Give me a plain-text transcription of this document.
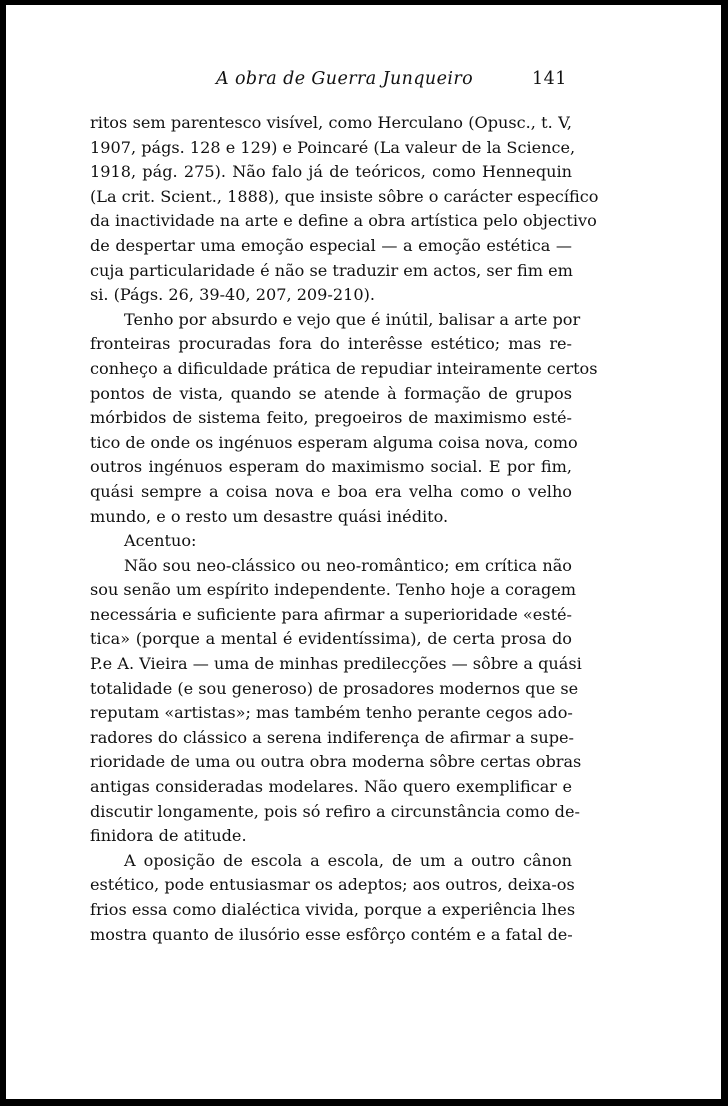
A obra de Guerra Junqueiro	141
ritos sem parentesco visível, como Herculano (Opusc., t. V,
1907, págs. 128 e 129) e Poincaré (La valeur de la Science,
1918, pág. 275). Não falo já de teóricos, como Hennequin
(La crit. Scient., 1888), que insiste sôbre o carácter específico
da inactividade na arte e define a obra artística pelo objectivo
de despertar uma emoção especial — a emoção estética —
cuja particularidade é não se traduzir em actos, ser fim em
si. (Págs. 26, 39-40, 207, 209-210).
Tenho por absurdo e vejo que é inútil, balisar a arte por
fronteiras procuradas fora do interêsse estético; mas re-
conheço a dificuldade prática de repudiar inteiramente certos
pontos de vista, quando se atende à formação de grupos
mórbidos de sistema feito, pregoeiros de maximismo esté-
tico de onde os ingénuos esperam alguma coisa nova, como
outros ingénuos esperam do maximismo social. E por fim,
quási sempre a coisa nova e boa era velha como o velho
mundo, e o resto um desastre quási inédito.
Acentuo:
Não sou neo-clássico ou neo-romântico; em crítica não
sou senão um espírito independente. Tenho hoje a coragem
necessária e suficiente para afirmar a superioridade «esté-
tica» (porque a mental é evidentíssima), de certa prosa do
P.e A. Vieira — uma de minhas predilecções — sôbre a quási
totalidade (e sou generoso) de prosadores modernos que se
reputam «artistas»; mas também tenho perante cegos ado-
radores do clássico a serena indiferença de afirmar a supe-
rioridade de uma ou outra obra moderna sôbre certas obras
antigas consideradas modelares. Não quero exemplificar e
discutir longamente, pois só refiro a circunstância como de-
finidora de atitude.
A oposição de escola a escola, de um a outro cânon
estético, pode entusiasmar os adeptos; aos outros, deixa-os
frios essa como dialéctica vivida, porque a experiência lhes
mostra quanto de ilusório esse esfôrço contém e a fatal de-
